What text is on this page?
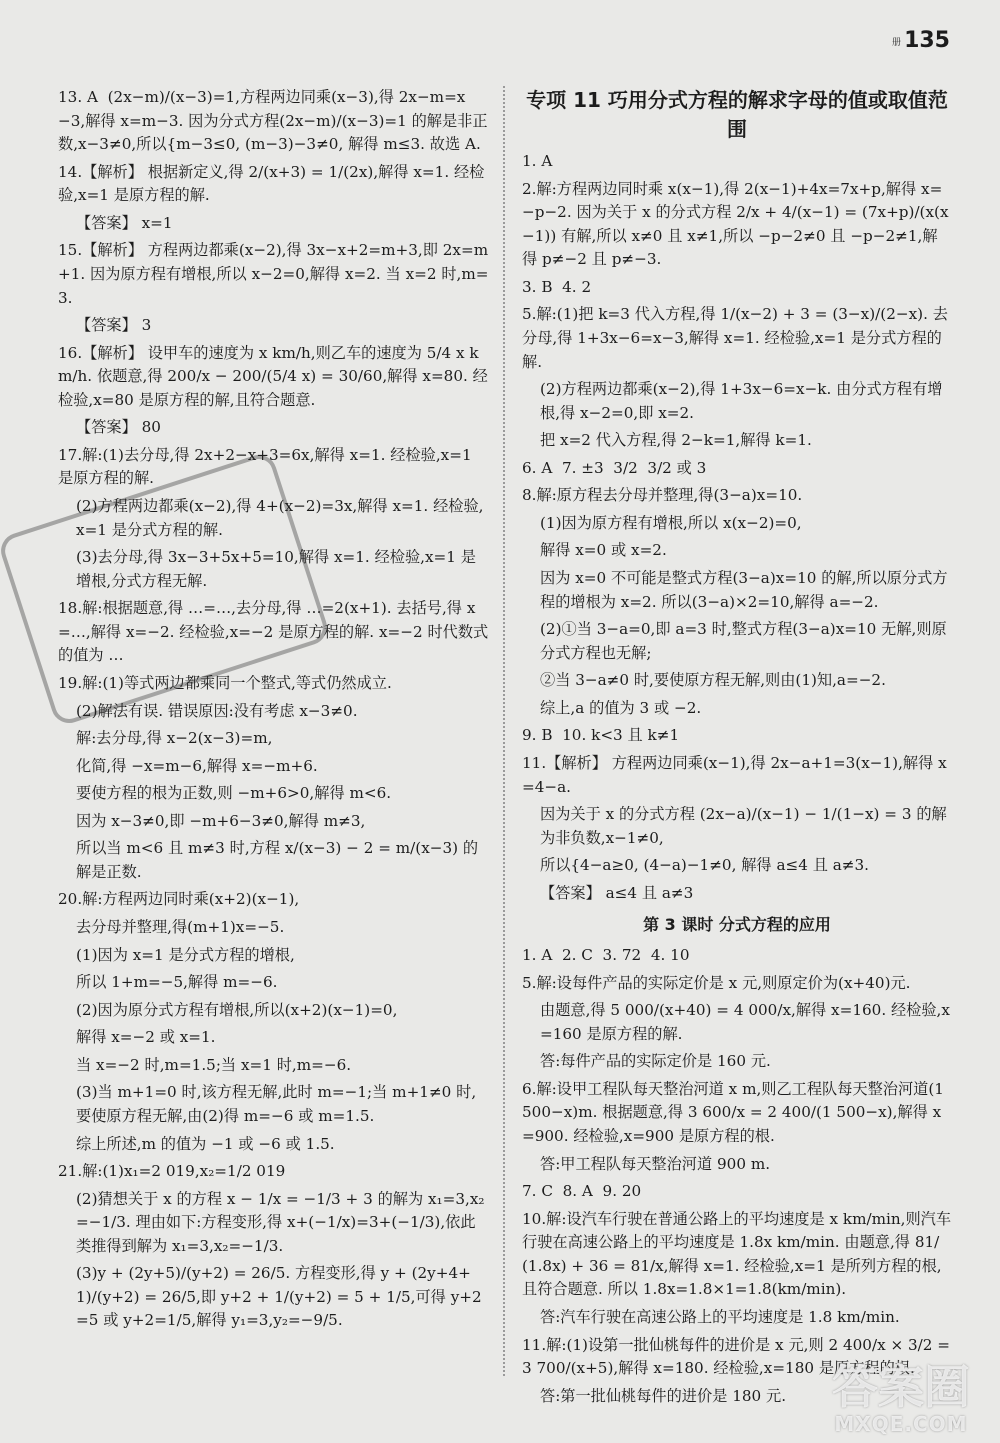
册 135

13. A  (2x−m)/(x−3)=1,方程两边同乘(x−3),得 2x−m=x−3,解得 x=m−3. 因为分式方程(2x−m)/(x−3)=1 的解是非正数,x−3≠0,所以{m−3≤0, (m−3)−3≠0, 解得 m≤3. 故选 A.

14.【解析】 根据新定义,得 2/(x+3) = 1/(2x),解得 x=1. 经检验,x=1 是原方程的解.

【答案】 x=1

15.【解析】 方程两边都乘(x−2),得 3x−x+2=m+3,即 2x=m+1. 因为原方程有增根,所以 x−2=0,解得 x=2. 当 x=2 时,m=3.

【答案】 3

16.【解析】 设甲车的速度为 x km/h,则乙车的速度为 5/4 x km/h. 依题意,得 200/x − 200/(5/4 x) = 30/60,解得 x=80. 经检验,x=80 是原方程的解,且符合题意.

【答案】 80

17.解:(1)去分母,得 2x+2−x+3=6x,解得 x=1. 经检验,x=1 是原方程的解.

(2)方程两边都乘(x−2),得 4+(x−2)=3x,解得 x=1. 经检验,x=1 是分式方程的解.

(3)去分母,得 3x−3+5x+5=10,解得 x=1. 经检验,x=1 是增根,分式方程无解.

18.解:根据题意,得 …=…,去分母,得 …=2(x+1). 去括号,得 x=…,解得 x=−2. 经检验,x=−2 是原方程的解. x=−2 时代数式的值为 …

19.解:(1)等式两边都乘同一个整式,等式仍然成立.

(2)解法有误. 错误原因:没有考虑 x−3≠0.

解:去分母,得 x−2(x−3)=m,

化简,得 −x=m−6,解得 x=−m+6.

要使方程的根为正数,则 −m+6>0,解得 m<6.

因为 x−3≠0,即 −m+6−3≠0,解得 m≠3,

所以当 m<6 且 m≠3 时,方程 x/(x−3) − 2 = m/(x−3) 的解是正数.

20.解:方程两边同时乘(x+2)(x−1),

去分母并整理,得(m+1)x=−5.

(1)因为 x=1 是分式方程的增根,

所以 1+m=−5,解得 m=−6.

(2)因为原分式方程有增根,所以(x+2)(x−1)=0,

解得 x=−2 或 x=1.

当 x=−2 时,m=1.5;当 x=1 时,m=−6.

(3)当 m+1=0 时,该方程无解,此时 m=−1;当 m+1≠0 时,要使原方程无解,由(2)得 m=−6 或 m=1.5.

综上所述,m 的值为 −1 或 −6 或 1.5.

21.解:(1)x₁=2 019,x₂=1/2 019

(2)猜想关于 x 的方程 x − 1/x = −1/3 + 3 的解为 x₁=3,x₂=−1/3. 理由如下:方程变形,得 x+(−1/x)=3+(−1/3),依此类推得到解为 x₁=3,x₂=−1/3.

(3)y + (2y+5)/(y+2) = 26/5. 方程变形,得 y + (2y+4+1)/(y+2) = 26/5,即 y+2 + 1/(y+2) = 5 + 1/5,可得 y+2=5 或 y+2=1/5,解得 y₁=3,y₂=−9/5.

专项 11 巧用分式方程的解求字母的值或取值范围

1. A

2.解:方程两边同时乘 x(x−1),得 2(x−1)+4x=7x+p,解得 x=−p−2. 因为关于 x 的分式方程 2/x + 4/(x−1) = (7x+p)/(x(x−1)) 有解,所以 x≠0 且 x≠1,所以 −p−2≠0 且 −p−2≠1,解得 p≠−2 且 p≠−3.

3. B  4. 2

5.解:(1)把 k=3 代入方程,得 1/(x−2) + 3 = (3−x)/(2−x). 去分母,得 1+3x−6=x−3,解得 x=1. 经检验,x=1 是分式方程的解.

(2)方程两边都乘(x−2),得 1+3x−6=x−k. 由分式方程有增根,得 x−2=0,即 x=2.

把 x=2 代入方程,得 2−k=1,解得 k=1.

6. A  7. ±3  3/2  3/2 或 3

8.解:原方程去分母并整理,得(3−a)x=10.

(1)因为原方程有增根,所以 x(x−2)=0,

解得 x=0 或 x=2.

因为 x=0 不可能是整式方程(3−a)x=10 的解,所以原分式方程的增根为 x=2. 所以(3−a)×2=10,解得 a=−2.

(2)①当 3−a=0,即 a=3 时,整式方程(3−a)x=10 无解,则原分式方程也无解;

②当 3−a≠0 时,要使原方程无解,则由(1)知,a=−2.

综上,a 的值为 3 或 −2.

9. B  10. k<3 且 k≠1

11.【解析】 方程两边同乘(x−1),得 2x−a+1=3(x−1),解得 x=4−a.

因为关于 x 的分式方程 (2x−a)/(x−1) − 1/(1−x) = 3 的解为非负数,x−1≠0,

所以{4−a≥0, (4−a)−1≠0, 解得 a≤4 且 a≠3.

【答案】 a≤4 且 a≠3

第 3 课时 分式方程的应用

1. A  2. C  3. 72  4. 10

5.解:设每件产品的实际定价是 x 元,则原定价为(x+40)元.

由题意,得 5 000/(x+40) = 4 000/x,解得 x=160. 经检验,x=160 是原方程的解.

答:每件产品的实际定价是 160 元.

6.解:设甲工程队每天整治河道 x m,则乙工程队每天整治河道(1 500−x)m. 根据题意,得 3 600/x = 2 400/(1 500−x),解得 x=900. 经检验,x=900 是原方程的根.

答:甲工程队每天整治河道 900 m.

7. C  8. A  9. 20

10.解:设汽车行驶在普通公路上的平均速度是 x km/min,则汽车行驶在高速公路上的平均速度是 1.8x km/min. 由题意,得 81/(1.8x) + 36 = 81/x,解得 x=1. 经检验,x=1 是所列方程的根,且符合题意. 所以 1.8x=1.8×1=1.8(km/min).

答:汽车行驶在高速公路上的平均速度是 1.8 km/min.

11.解:(1)设第一批仙桃每件的进价是 x 元,则 2 400/x × 3/2 = 3 700/(x+5),解得 x=180. 经检验,x=180 是原方程的根.

答:第一批仙桃每件的进价是 180 元. 答案圈
MXQE.COM
